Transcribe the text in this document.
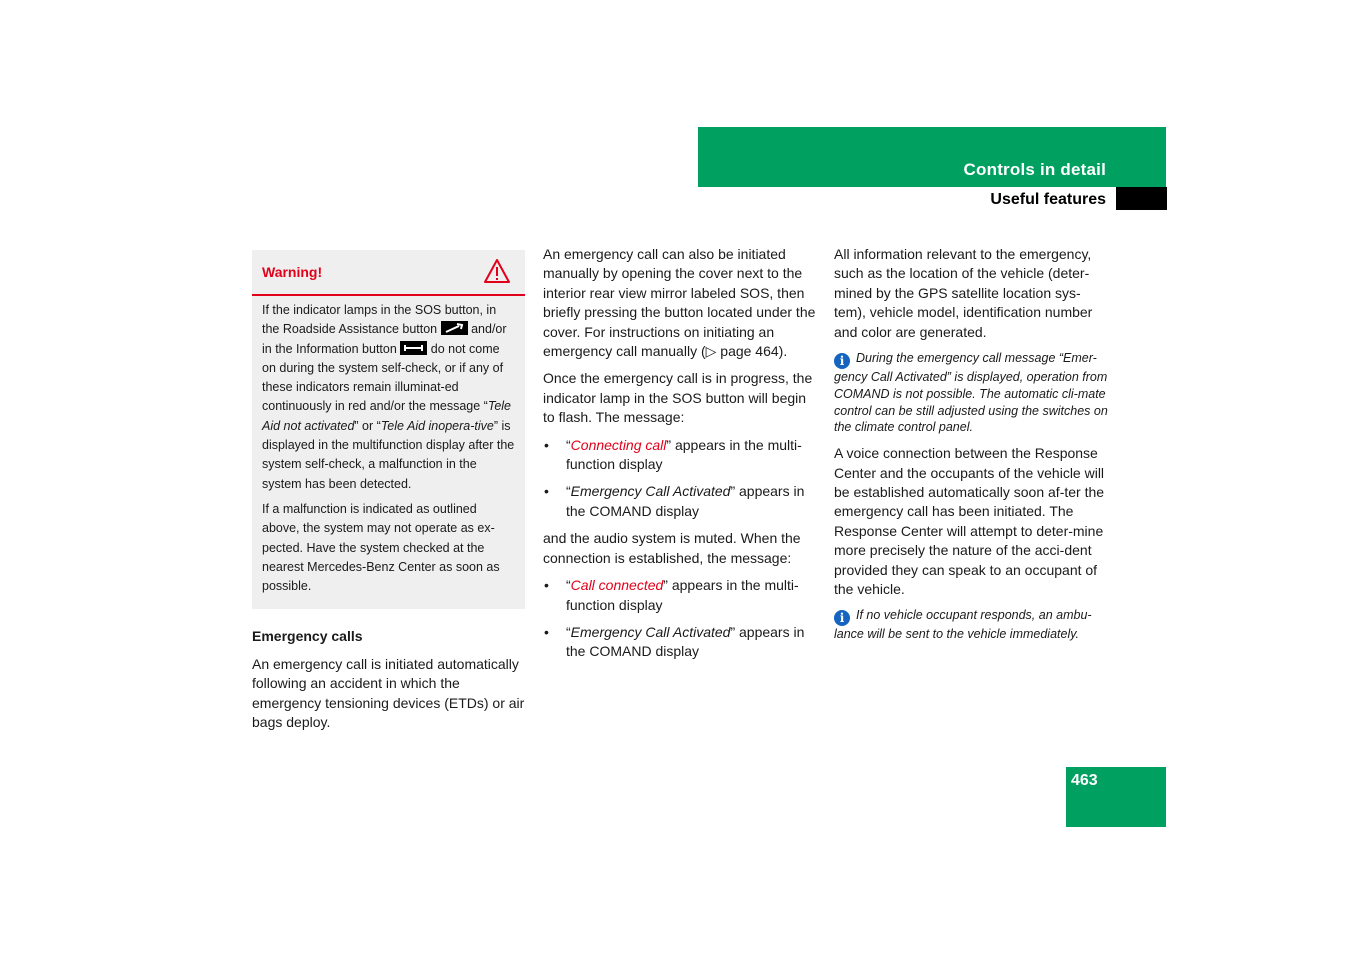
Controls in detail
Useful features
Warning!

If the indicator lamps in the SOS button, in the Roadside Assistance button	and/or in the Information button	do not come on during the system self-check, or if any of these indicators remain illuminat-ed continuously in red and/or the message “Tele Aid not activated” or “Tele Aid inopera-tive” is displayed in the multifunction display after the system self-check, a malfunction in the system has been detected.

If a malfunction is indicated as outlined above, the system may not operate as ex-pected. Have the system checked at the nearest Mercedes-Benz Center as soon as possible.

Emergency calls

An emergency call is initiated automatically following an accident in which the emergency tensioning devices (ETDs) or air bags deploy.

An emergency call can also be initiated manually by opening the cover next to the interior rear view mirror labeled SOS, then briefly pressing the button located under the cover. For instructions on initiating an emergency call manually (▷ page 464).

Once the emergency call is in progress, the indicator lamp in the SOS button will begin to flash. The message:

• “Connecting call” appears in the multi-function display
• “Emergency Call Activated” appears in the COMAND display

and the audio system is muted. When the connection is established, the message:

• “Call connected” appears in the multi-function display
• “Emergency Call Activated” appears in the COMAND display

All information relevant to the emergency, such as the location of the vehicle (deter-mined by the GPS satellite location sys-tem), vehicle model, identification number and color are generated.

i During the emergency call message “Emer-gency Call Activated” is displayed, operation from COMAND is not possible. The automatic cli-mate control can be still adjusted using the switches on the climate control panel.

A voice connection between the Response Center and the occupants of the vehicle will be established automatically soon af-ter the emergency call has been initiated. The Response Center will attempt to deter-mine more precisely the nature of the acci-dent provided they can speak to an occupant of the vehicle.

i If no vehicle occupant responds, an ambu-lance will be sent to the vehicle immediately.

463
